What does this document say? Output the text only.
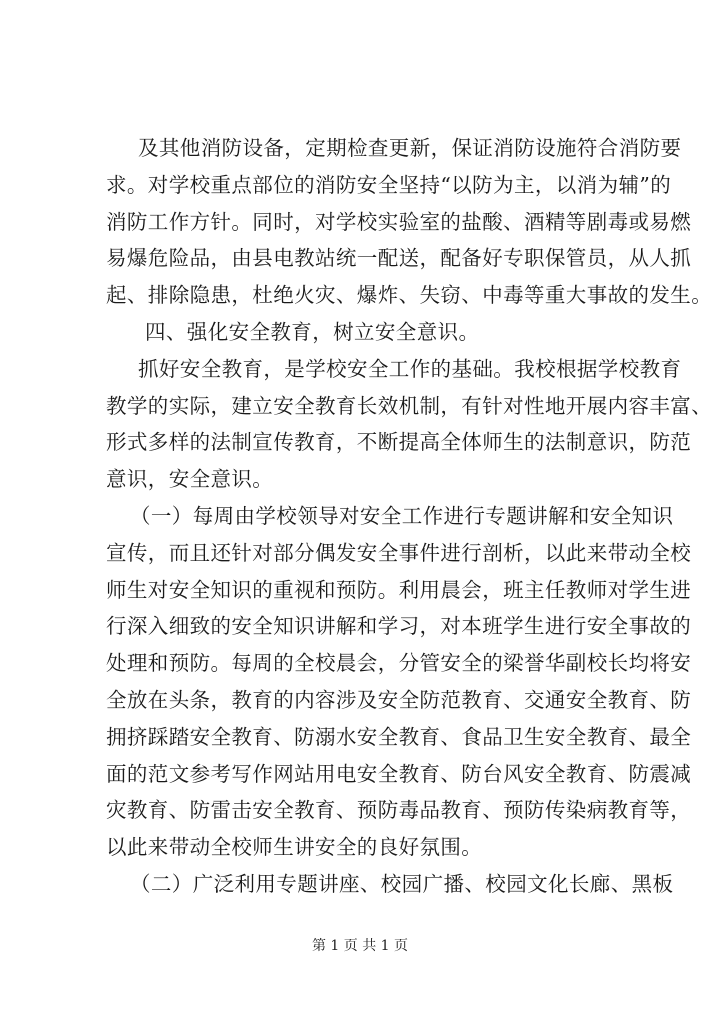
及其他消防设备，定期检查更新，保证消防设施符合消防要
求。对学校重点部位的消防安全坚持“以防为主，以消为辅”的
消防工作方针。同时，对学校实验室的盐酸、酒精等剧毒或易燃
易爆危险品，由县电教站统一配送，配备好专职保管员，从人抓
起、排除隐患，杜绝火灾、爆炸、失窃、中毒等重大事故的发生。
四、强化安全教育，树立安全意识。
抓好安全教育，是学校安全工作的基础。我校根据学校教育
教学的实际，建立安全教育长效机制，有针对性地开展内容丰富、
形式多样的法制宣传教育，不断提高全体师生的法制意识，防范
意识，安全意识。
（一）每周由学校领导对安全工作进行专题讲解和安全知识
宣传，而且还针对部分偶发安全事件进行剖析，以此来带动全校
师生对安全知识的重视和预防。利用晨会，班主任教师对学生进
行深入细致的安全知识讲解和学习，对本班学生进行安全事故的
处理和预防。每周的全校晨会，分管安全的梁誉华副校长均将安
全放在头条，教育的内容涉及安全防范教育、交通安全教育、防
拥挤踩踏安全教育、防溺水安全教育、食品卫生安全教育、最全
面的范文参考写作网站用电安全教育、防台风安全教育、防震减
灾教育、防雷击安全教育、预防毒品教育、预防传染病教育等，
以此来带动全校师生讲安全的良好氛围。
（二）广泛利用专题讲座、校园广播、校园文化长廊、黑板
第 1 页 共 1 页
